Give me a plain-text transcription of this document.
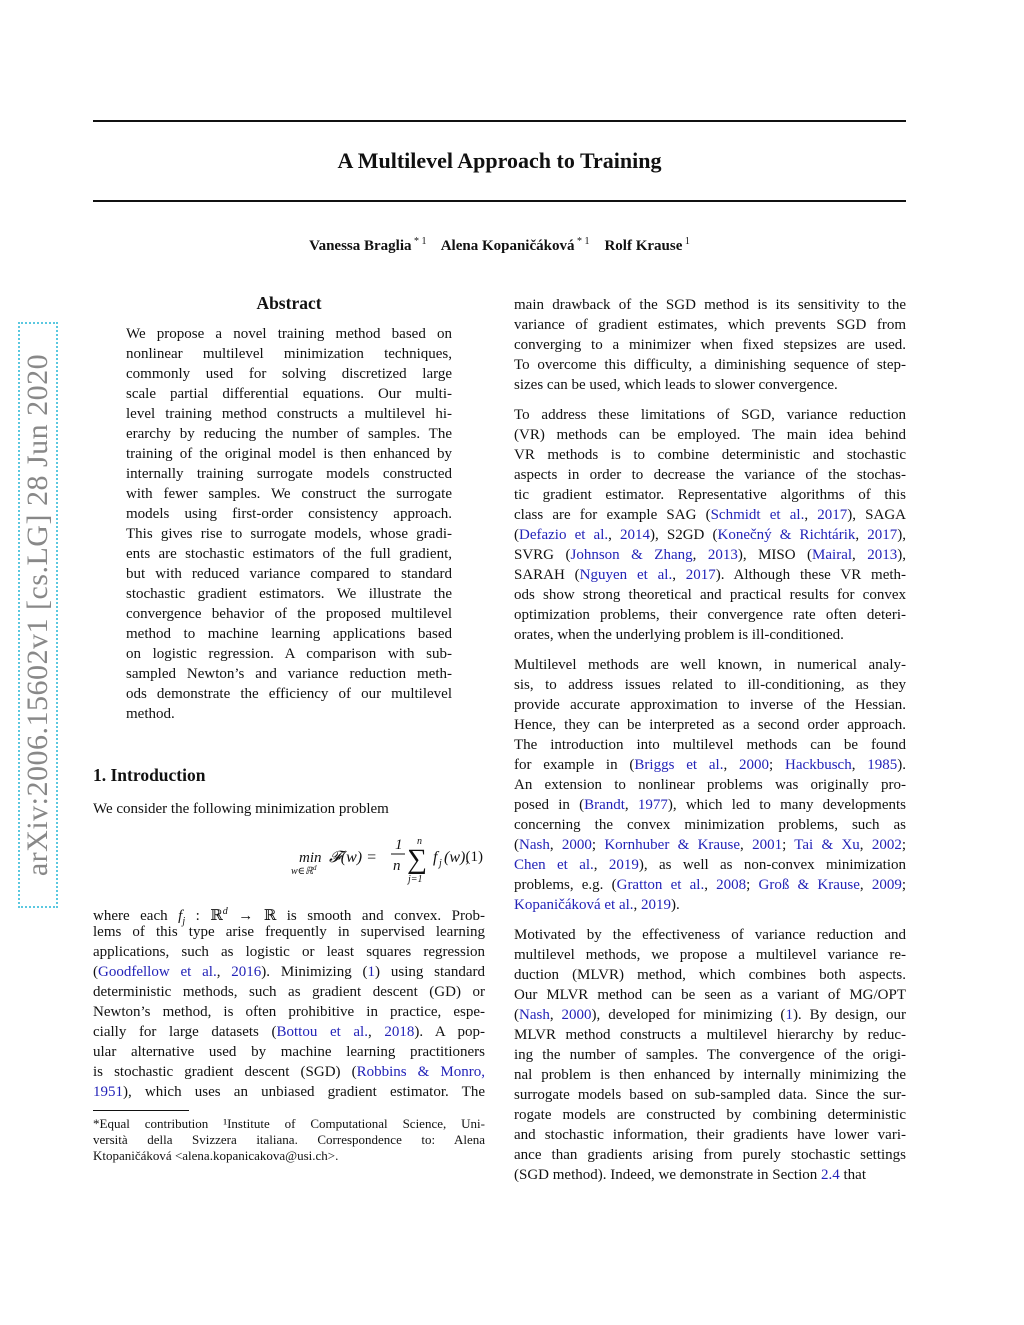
A Multilevel Approach to Training
Vanessa Braglia $^{* 1}$ Alena Kopaničáková $^{* 1}$ Rolf Krause $^1$
arXiv:2006.15602v1 [cs.LG] 28 Jun 2020
Abstract
We propose a novel training method based on
nonlinear multilevel minimization techniques,
commonly used for solving discretized large
scale partial differential equations. Our multi-
level training method constructs a multilevel hi-
erarchy by reducing the number of samples. The
training of the original model is then enhanced by
internally training surrogate models constructed
with fewer samples. We construct the surrogate
models using first-order consistency approach.
This gives rise to surrogate models, whose gradi-
ents are stochastic estimators of the full gradient,
but with reduced variance compared to standard
stochastic gradient estimators. We illustrate the
convergence behavior of the proposed multilevel
method to machine learning applications based
on logistic regression. A comparison with sub-
sampled Newton’s and variance reduction meth-
ods demonstrate the efficiency of our multilevel
method.
1. Introduction
We consider the following minimization problem
min
w∈ℝ d
𝓕(w) =
1
n
n
∑
j=1
f j (w),
(1)
where each $f_j$ : ℝ$^d$ → ℝ is smooth and convex. Prob-
lems of this type arise frequently in supervised learning
applications, such as logistic or least squares regression
(Goodfellow et al., 2016). Minimizing (1) using standard
deterministic methods, such as gradient descent (GD) or
Newton’s method, is often prohibitive in practice, espe-
cially for large datasets (Bottou et al., 2018). A pop-
ular alternative used by machine learning practitioners
is stochastic gradient descent (SGD) (Robbins & Monro,
1951), which uses an unbiased gradient estimator. The
*Equal contribution ¹Institute of Computational Science, Uni-
versità della Svizzera italiana. Correspondence to: Alena
Ktopaničáková <alena.kopanicakova@usi.ch>.
main drawback of the SGD method is its sensitivity to the
variance of gradient estimates, which prevents SGD from
converging to a minimizer when fixed stepsizes are used.
To overcome this difficulty, a diminishing sequence of step-
sizes can be used, which leads to slower convergence.
To address these limitations of SGD, variance reduction
(VR) methods can be employed. The main idea behind
VR methods is to combine deterministic and stochastic
aspects in order to decrease the variance of the stochas-
tic gradient estimator. Representative algorithms of this
class are for example SAG (Schmidt et al., 2017), SAGA
(Defazio et al., 2014), S2GD (Konečný & Richtárik, 2017),
SVRG (Johnson & Zhang, 2013), MISO (Mairal, 2013),
SARAH (Nguyen et al., 2017). Although these VR meth-
ods show strong theoretical and practical results for convex
optimization problems, their convergence rate often deteri-
orates, when the underlying problem is ill-conditioned.
Multilevel methods are well known, in numerical analy-
sis, to address issues related to ill-conditioning, as they
provide accurate approximation to inverse of the Hessian.
Hence, they can be interpreted as a second order approach.
The introduction into multilevel methods can be found
for example in (Briggs et al., 2000; Hackbusch, 1985).
An extension to nonlinear problems was originally pro-
posed in (Brandt, 1977), which led to many developments
concerning the convex minimization problems, such as
(Nash, 2000; Kornhuber & Krause, 2001; Tai & Xu, 2002;
Chen et al., 2019), as well as non-convex minimization
problems, e.g. (Gratton et al., 2008; Groß & Krause, 2009;
Kopaničáková et al., 2019).
Motivated by the effectiveness of variance reduction and
multilevel methods, we propose a multilevel variance re-
duction (MLVR) method, which combines both aspects.
Our MLVR method can be seen as a variant of MG/OPT
(Nash, 2000), developed for minimizing (1). By design, our
MLVR method constructs a multilevel hierarchy by reduc-
ing the number of samples. The convergence of the origi-
nal problem is then enhanced by internally minimizing the
surrogate models based on sub-sampled data. Since the sur-
rogate models are constructed by combining deterministic
and stochastic information, their gradients have lower vari-
ance than gradients arising from purely stochastic settings
(SGD method). Indeed, we demonstrate in Section 2.4 that
